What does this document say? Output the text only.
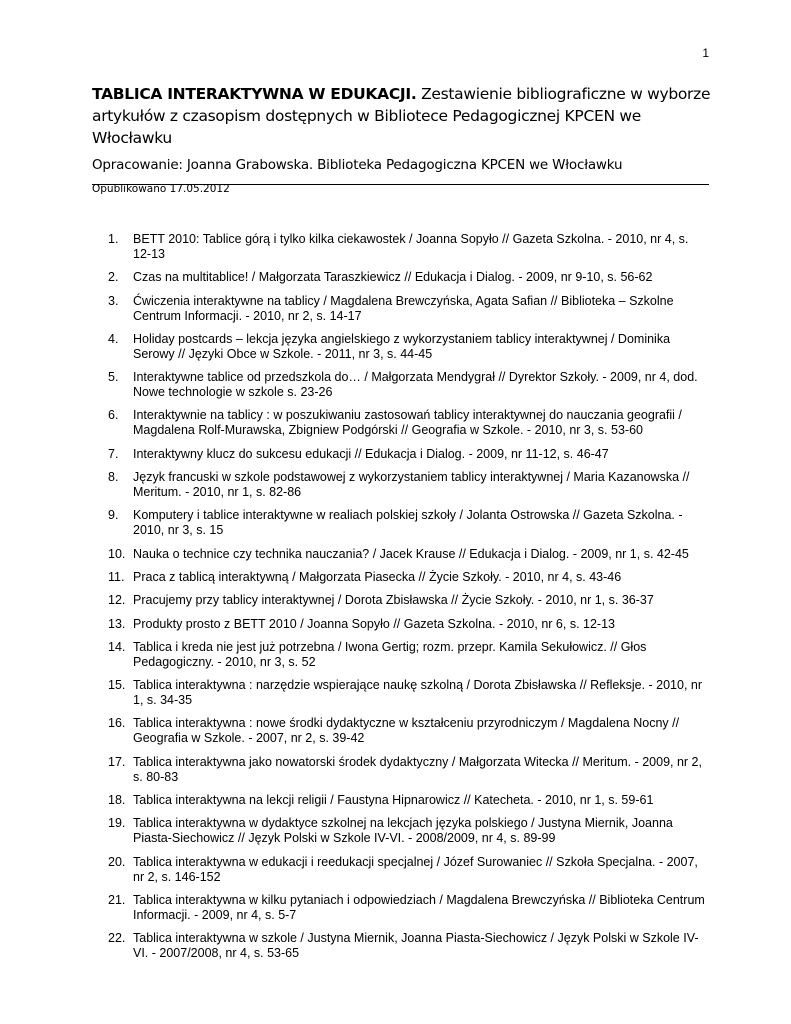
1
TABLICA INTERAKTYWNA W EDUKACJI. Zestawienie bibliograficzne w wyborze artykułów z czasopism dostępnych w Bibliotece Pedagogicznej KPCEN we Włocławku

Opracowanie: Joanna Grabowska. Biblioteka Pedagogiczna KPCEN we Włocławku

Opublikowano 17.05.2012

1.	BETT 2010: Tablice górą i tylko kilka ciekawostek / Joanna Sopyło // Gazeta Szkolna. - 2010, nr 4, s. 12-13
2.	Czas na multitablice! / Małgorzata Taraszkiewicz // Edukacja i Dialog. - 2009, nr 9-10, s. 56-62
3.	Ćwiczenia interaktywne na tablicy / Magdalena Brewczyńska, Agata Safian // Biblioteka – Szkolne Centrum Informacji. - 2010, nr 2, s. 14-17
4.	Holiday postcards – lekcja języka angielskiego z wykorzystaniem tablicy interaktywnej / Dominika Serowy // Języki Obce w Szkole. - 2011, nr 3, s. 44-45
5.	Interaktywne tablice od przedszkola do… / Małgorzata Mendygrał // Dyrektor Szkoły. - 2009, nr 4, dod. Nowe technologie w szkole s. 23-26
6.	Interaktywnie na tablicy : w poszukiwaniu zastosowań tablicy interaktywnej do nauczania geografii / Magdalena Rolf-Murawska, Zbigniew Podgórski // Geografia w Szkole. - 2010, nr 3, s. 53-60
7.	Interaktywny klucz do sukcesu edukacji // Edukacja i Dialog. - 2009, nr 11-12, s. 46-47
8.	Język francuski w szkole podstawowej z wykorzystaniem tablicy interaktywnej / Maria Kazanowska // Meritum. - 2010, nr 1, s. 82-86
9.	Komputery i tablice interaktywne w realiach polskiej szkoły / Jolanta Ostrowska // Gazeta Szkolna. - 2010, nr 3, s. 15
10. Nauka o technice czy technika nauczania? / Jacek Krause // Edukacja i Dialog. - 2009, nr 1, s. 42-45
11. Praca z tablicą interaktywną / Małgorzata Piasecka // Życie Szkoły. - 2010, nr 4, s. 43-46
12. Pracujemy przy tablicy interaktywnej / Dorota Zbisławska // Życie Szkoły. - 2010, nr 1, s. 36-37
13. Produkty prosto z BETT 2010 / Joanna Sopyło // Gazeta Szkolna. - 2010, nr 6, s. 12-13
14. Tablica i kreda nie jest już potrzebna / Iwona Gertig; rozm. przepr. Kamila Sekułowicz. // Głos Pedagogiczny. - 2010, nr 3, s. 52
15. Tablica interaktywna : narzędzie wspierające naukę szkolną / Dorota Zbisławska // Refleksje. - 2010, nr 1, s. 34-35
16. Tablica interaktywna : nowe środki dydaktyczne w kształceniu przyrodniczym / Magdalena Nocny // Geografia w Szkole. - 2007, nr 2, s. 39-42
17. Tablica interaktywna jako nowatorski środek dydaktyczny / Małgorzata Witecka // Meritum. - 2009, nr 2, s. 80-83
18. Tablica interaktywna na lekcji religii / Faustyna Hipnarowicz // Katecheta. - 2010, nr 1, s. 59-61
19. Tablica interaktywna w dydaktyce szkolnej na lekcjach języka polskiego / Justyna Miernik, Joanna Piasta-Siechowicz // Język Polski w Szkole IV-VI. - 2008/2009, nr 4, s. 89-99
20. Tablica interaktywna w edukacji i reedukacji specjalnej / Józef Surowaniec // Szkoła Specjalna. - 2007, nr 2, s. 146-152
21. Tablica interaktywna w kilku pytaniach i odpowiedziach / Magdalena Brewczyńska // Biblioteka Centrum Informacji. - 2009, nr 4, s. 5-7
22. Tablica interaktywna w szkole / Justyna Miernik, Joanna Piasta-Siechowicz / Język Polski w Szkole IV-VI. - 2007/2008, nr 4, s. 53-65
